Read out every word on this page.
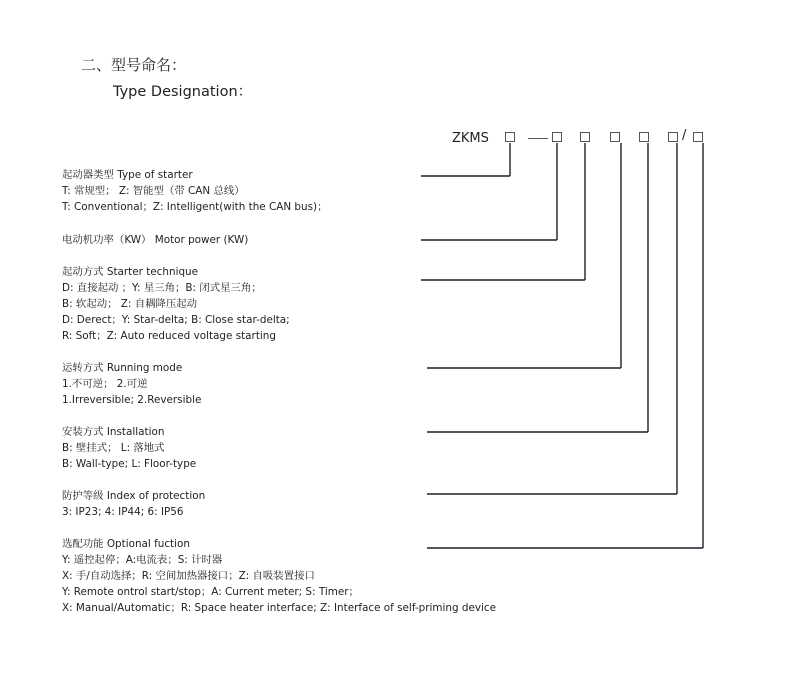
二、型号命名：
Type Designation：
ZKMS	/
起动器类型 Type of starter
T: 常规型； Z: 智能型（带 CAN 总线）
T: Conventional；Z: Intelligent(with the CAN bus)；
电动机功率（KW） Motor power (KW)
起动方式 Starter technique
D: 直接起动 ；Y: 星三角；B: 闭式星三角；
B: 软起动； Z: 自耦降压起动
D: Derect；Y: Star-delta; B: Close star-delta;
R: Soft；Z: Auto reduced voltage starting
运转方式 Running mode
1.不可逆； 2.可逆
1.Irreversible; 2.Reversible
安装方式 Installation
B: 壁挂式； L: 落地式
B: Wall-type; L: Floor-type
防护等级 Index of protection
3: IP23; 4: IP44; 6: IP56
选配功能 Optional fuction
Y: 遥控起停；A:电流表；S: 计时器
X: 手/自动选择；R: 空间加热器接口；Z: 自吸装置接口
Y: Remote ontrol start/stop；A: Current meter; S: Timer；
X: Manual/Automatic；R: Space heater interface; Z: Interface of self-priming device
